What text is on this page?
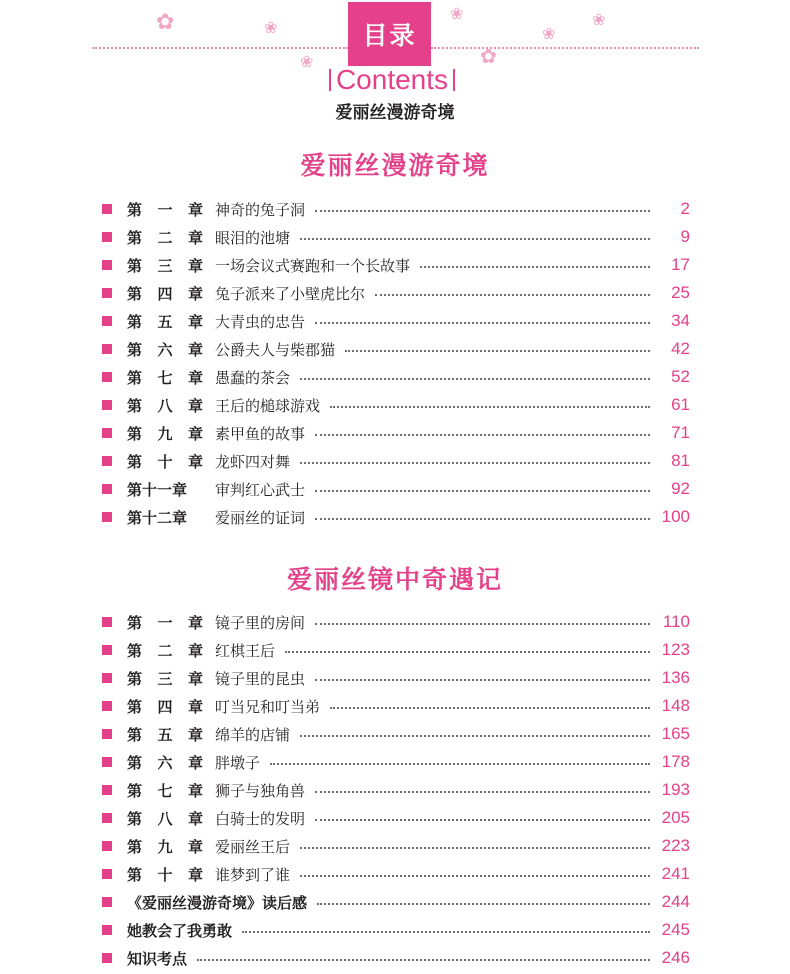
✿	❀
❀
❀
✿
❀
❀
目录
Contents
爱丽丝漫游奇境
爱丽丝漫游奇境
第 一 章 神奇的兔子洞	2
第 二 章 眼泪的池塘	9
第 三 章 一场会议式赛跑和一个长故事	17
第 四 章 兔子派来了小壁虎比尔	25
第 五 章 大青虫的忠告	34
第 六 章 公爵夫人与柴郡猫	42
第 七 章 愚蠢的茶会	52
第 八 章 王后的槌球游戏	61
第 九 章 素甲鱼的故事	71
第 十 章 龙虾四对舞	81
第十一章 审判红心武士	92
第十二章 爱丽丝的证词	100
爱丽丝镜中奇遇记
第 一 章 镜子里的房间	110
第 二 章 红棋王后	123
第 三 章 镜子里的昆虫	136
第 四 章 叮当兄和叮当弟	148
第 五 章 绵羊的店铺	165
第 六 章 胖墩子	178
第 七 章 狮子与独角兽	193
第 八 章 白骑士的发明	205
第 九 章 爱丽丝王后	223
第 十 章 谁梦到了谁	241
《爱丽丝漫游奇境》读后感	244
她教会了我勇敢	245
知识考点	246
